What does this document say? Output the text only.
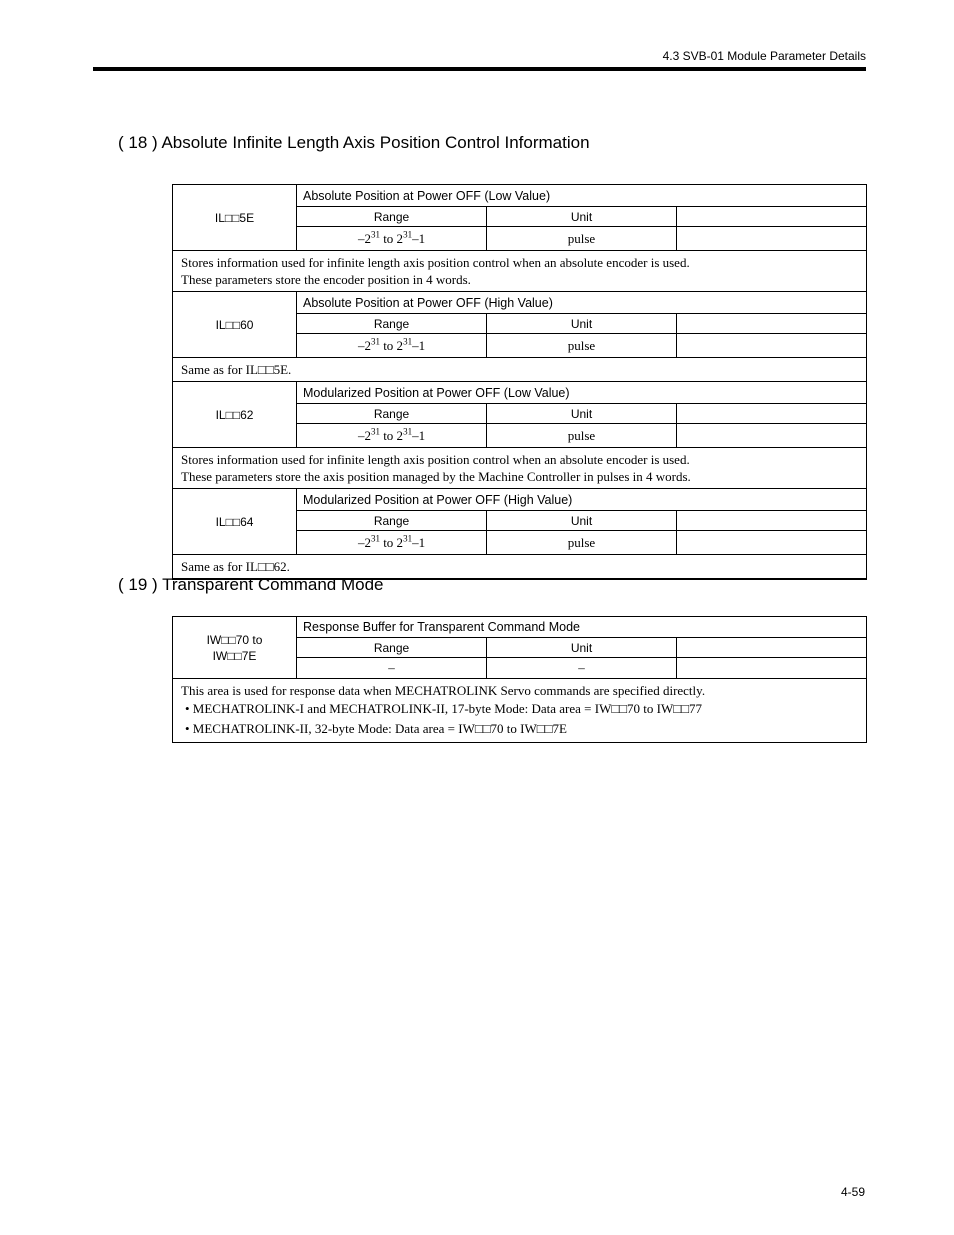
4.3 SVB-01 Module Parameter Details
( 18 ) Absolute Infinite Length Axis Position Control Information
IL□□5E	Absolute Position at Power OFF (Low Value)		
	Range	Unit	
	$-2^{31}$ to $2^{31}-1$	pulse	

Stores information used for infinite length axis position control when an absolute encoder is used.
These parameters store the encoder position in 4 words.			

IL□□60	Absolute Position at Power OFF (High Value)		
	Range	Unit	
	$-2^{31}$ to $2^{31}-1$	pulse	

Same as for IL□□5E.			

IL□□62	Modularized Position at Power OFF (Low Value)		
	Range	Unit	
	$-2^{31}$ to $2^{31}-1$	pulse	

Stores information used for infinite length axis position control when an absolute encoder is used.
These parameters store the axis position managed by the Machine Controller in pulses in 4 words.			

IL□□64	Modularized Position at Power OFF (High Value)		
	Range	Unit	
	$-2^{31}$ to $2^{31}-1$	pulse	

Same as for IL□□62.			
( 19 ) Transparent Command Mode
IW□□70 to
IW□□7E	Response Buffer for Transparent Command Mode		
	Range	Unit	
	–	–	

This area is used for response data when MECHATROLINK Servo commands are specified directly.
• MECHATROLINK-I and MECHATROLINK-II, 17-byte Mode: Data area = IW□□70 to IW□□77
• MECHATROLINK-II, 32-byte Mode: Data area = IW□□70 to IW□□7E			
4-59
